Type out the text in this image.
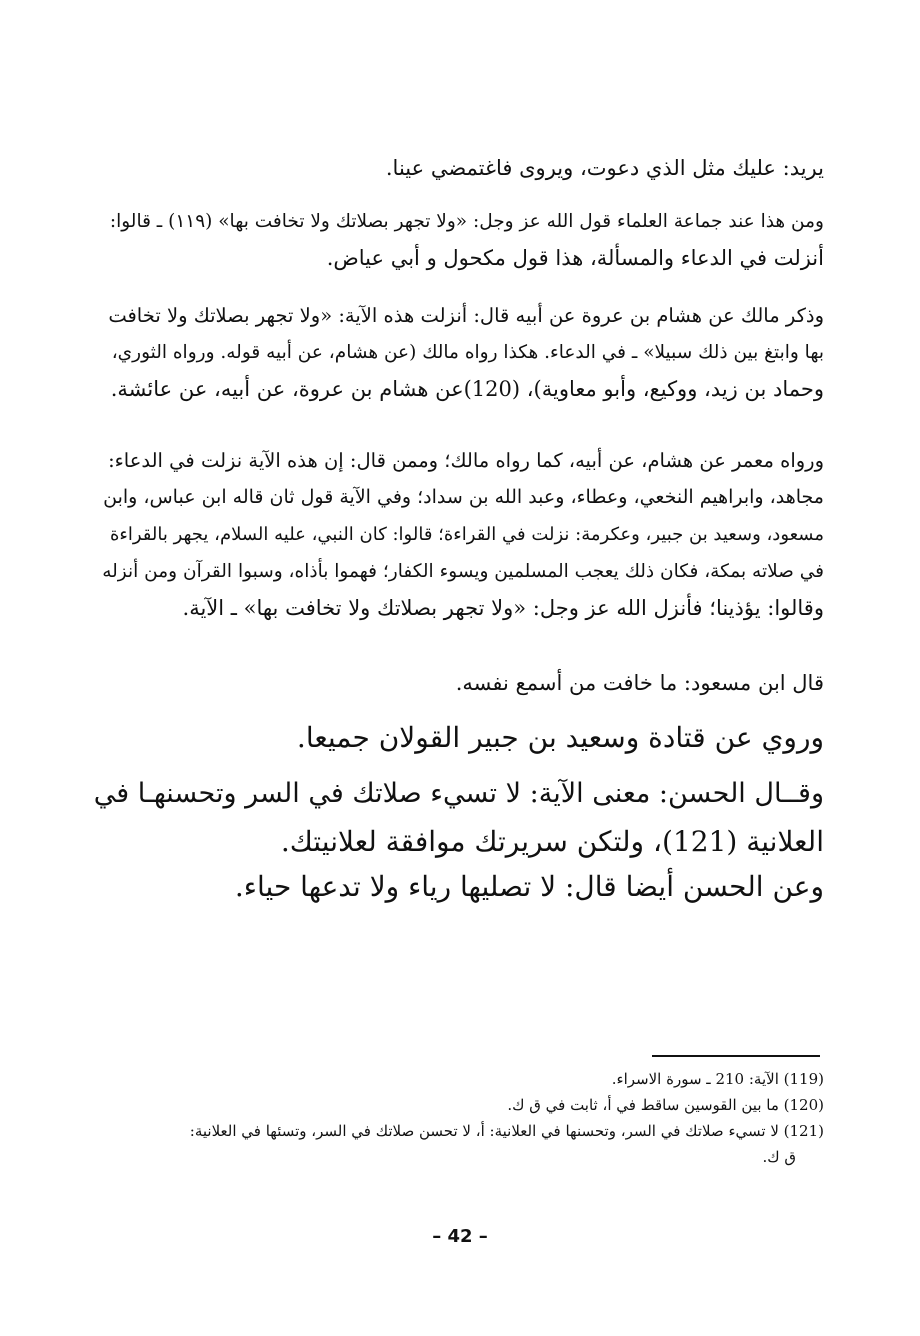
يريد: عليك مثل الذي دعوت، ويروى فاغتمضي عينا.

ومن هذا عند جماعة العلماء قول الله عز وجل: «ولا تجهر بصلاتك ولا تخافت بها» (١١٩) ـ قالوا:
أنزلت في الدعاء والمسألة، هذا قول مكحول و أبي عياض.

وذكر مالك عن هشام بن عروة عن أبيه قال: أنزلت هذه الآية: «ولا تجهر بصلاتك ولا تخافت
بها وابتغ بين ذلك سبيلا» ـ في الدعاء. هكذا رواه مالك (عن هشام، عن أبيه قوله. ورواه الثوري،
وحماد بن زيد، ووكيع، وأبو معاوية)، (120)عن هشام بن عروة، عن أبيه، عن عائشة.

ورواه معمر عن هشام، عن أبيه، كما رواه مالك؛ وممن قال: إن هذه الآية نزلت في الدعاء:
مجاهد، وابراهيم النخعي، وعطاء، وعبد الله بن سداد؛ وفي الآية قول ثان قاله ابن عباس، وابن
مسعود، وسعيد بن جبير، وعكرمة: نزلت في القراءة؛ قالوا: كان النبي، عليه السلام، يجهر بالقراءة
في صلاته بمكة، فكان ذلك يعجب المسلمين ويسوء الكفار؛ فهموا بأذاه، وسبوا القرآن ومن أنزله
وقالوا: يؤذينا؛ فأنزل الله عز وجل: «ولا تجهر بصلاتك ولا تخافت بها» ـ الآية.

قال ابن مسعود: ما خافت من أسمع نفسه.

وروي عن قتادة وسعيد بن جبير القولان جميعا.

وقــال الحسن: معنى الآية: لا تسيء صلاتك في السر وتحسنهـا في
العلانية (121)، ولتكن سريرتك موافقة لعلانيتك.

وعن الحسن أيضا قال: لا تصليها رياء ولا تدعها حياء.

(119) الآية: 210 ـ سورة الاسراء.
(120) ما بين القوسين ساقط في أ، ثابت في ق ك.
(121) لا تسيء صلاتك في السر، وتحسنها في العلانية: أ، لا تحسن صلاتك في السر، وتسئها في العلانية:
ق ك.
– 42 –
